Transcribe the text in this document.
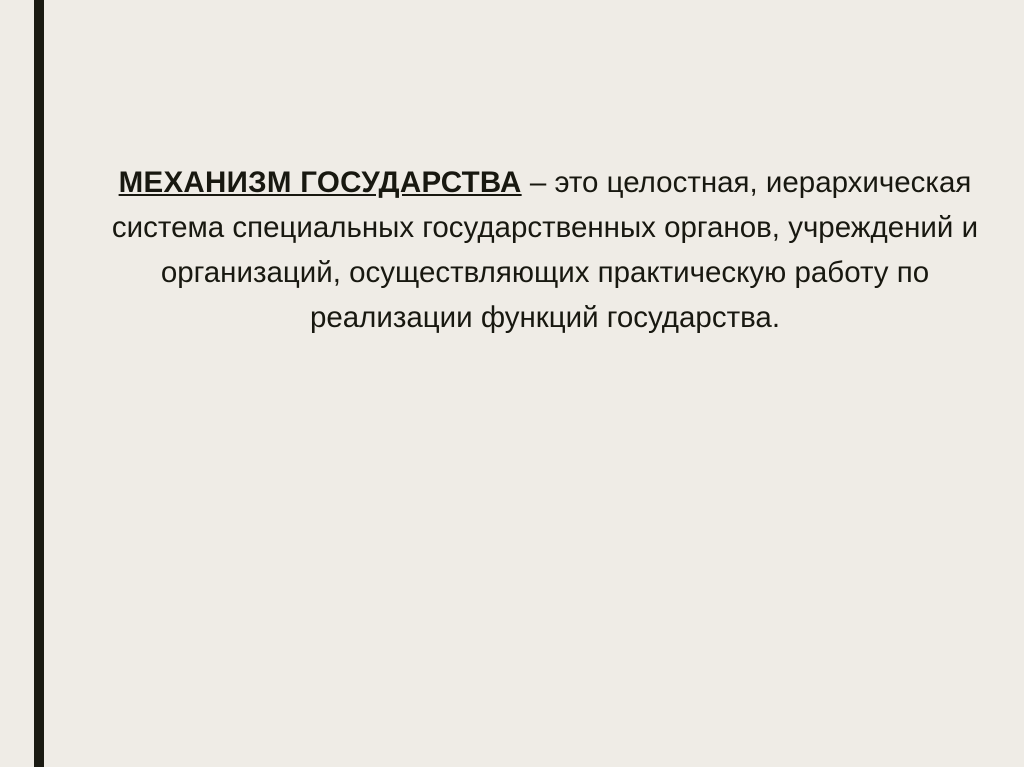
МЕХАНИЗМ ГОСУДАРСТВА – это целостная, иерархическая система специальных государственных органов, учреждений и организаций, осуществляющих практическую работу по реализации функций государства.
